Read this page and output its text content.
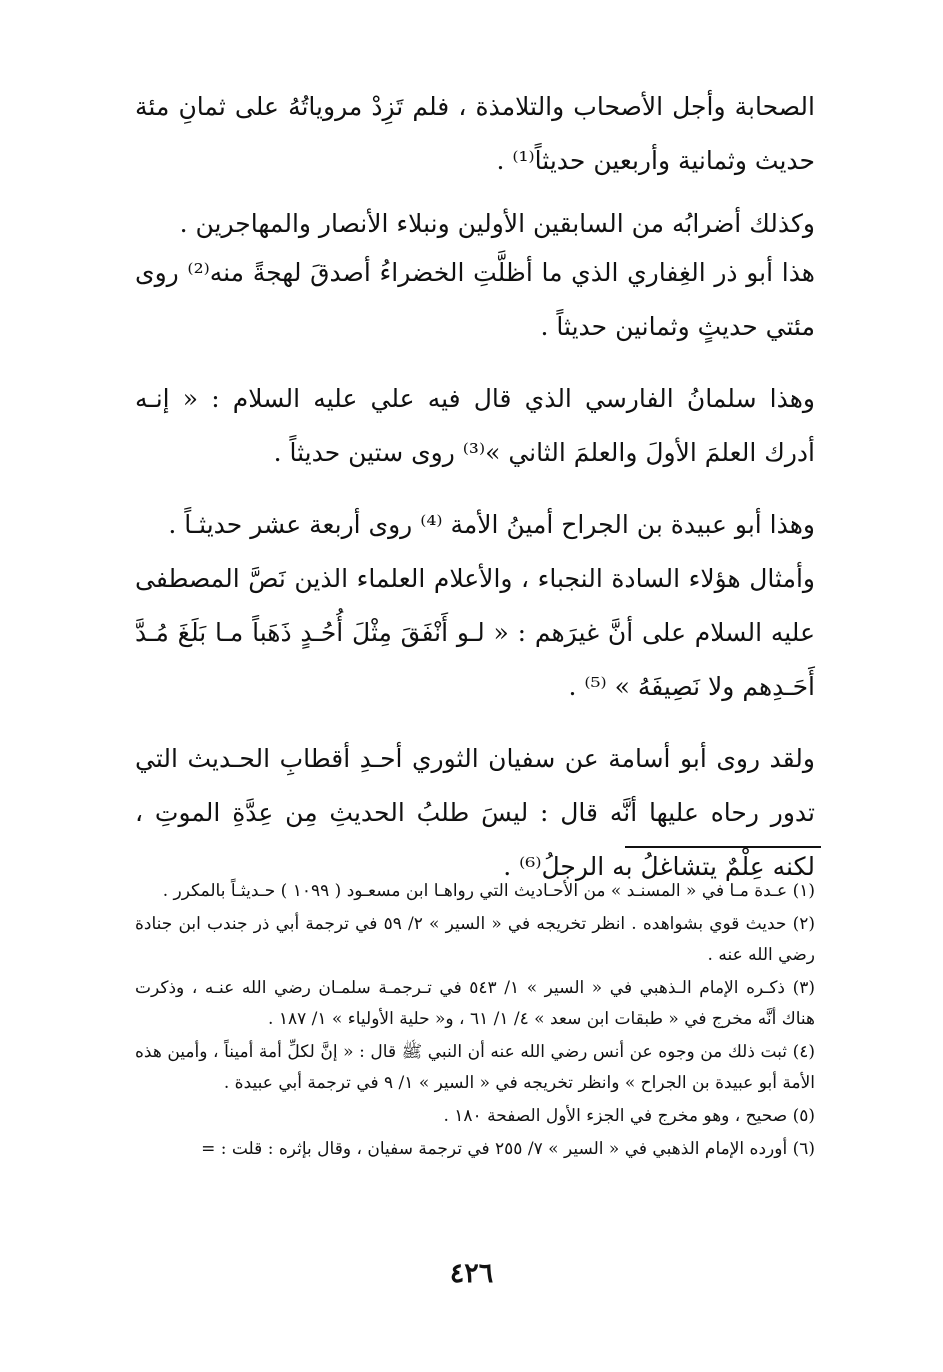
الصحابة وأجل الأصحاب والتلامذة ، فلم تَزِدْ مروياتُهُ على ثمانِ مئة حديث وثمانية وأربعين حديثاً⁽¹⁾ .

وكذلك أضرابُه من السابقين الأولين ونبلاء الأنصار والمهاجرين .

هذا أبو ذر الغِفاري الذي ما أظلَّتِ الخضراءُ أصدقَ لهجةً منه⁽²⁾ روى مئتي حديثٍ وثمانين حديثاً .

وهذا سلمانُ الفارسي الذي قال فيه علي عليه السلام : « إنـه أدرك العلمَ الأولَ والعلمَ الثاني »⁽³⁾ روى ستين حديثاً .

وهذا أبو عبيدة بن الجراح أمينُ الأمة ⁽⁴⁾ روى أربعة عشر حديثـاً .

وأمثال هؤلاء السادة النجباء ، والأعلام العلماء الذين نَصَّ المصطفى عليه السلام على أنَّ غيرَهم : « لـو أَنْفَقَ مِثْلَ أُحُـدٍ ذَهَباً مـا بَلَغَ مُـدَّ أَحَـدِهم ولا نَصِيفَهُ » ⁽⁵⁾ .

ولقد روى أبو أسامة عن سفيان الثوري أحـدِ أقطابِ الحـديث التي تدور رحاه عليها أنَّه قال : ليسَ طلبُ الحديثِ مِن عِدَّةِ الموتِ ، لكنه عِلْمٌ يتشاغلُ به الرجلُ⁽⁶⁾ .

(١) عـدة مـا في « المسنـد » من الأحـاديث التي رواهـا ابن مسعـود ( ١٠٩٩ ) حـديثـاً بالمكرر .

(٢) حديث قوي بشواهده . انظر تخريجه في « السير » ٢/ ٥٩ في ترجمة أبي ذر جندب ابن جنادة رضي الله عنه .

(٣) ذكـره الإمام الـذهبي في « السير » ١/ ٥٤٣ في تـرجمـة سلمـان رضي الله عنـه ، وذكرت هناك أنَّه مخرج في « طبقات ابن سعد » ٤/ ١/ ٦١ ، و« حلية الأولياء » ١/ ١٨٧ .

(٤) ثبت ذلك من وجوه عن أنس رضي الله عنه أن النبي ﷺ قال : « إنَّ لكلِّ أمة أميناً ، وأمين هذه الأمة أبو عبيدة بن الجراح » وانظر تخريجه في « السير » ١/ ٩ في ترجمة أبي عبيدة .

(٥) صحيح ، وهو مخرج في الجزء الأول الصفحة ١٨٠ .

(٦) أورده الإمام الذهبي في « السير » ٧/ ٢٥٥ في ترجمة سفيان ، وقال بإثره : قلت : =

٤٢٦
